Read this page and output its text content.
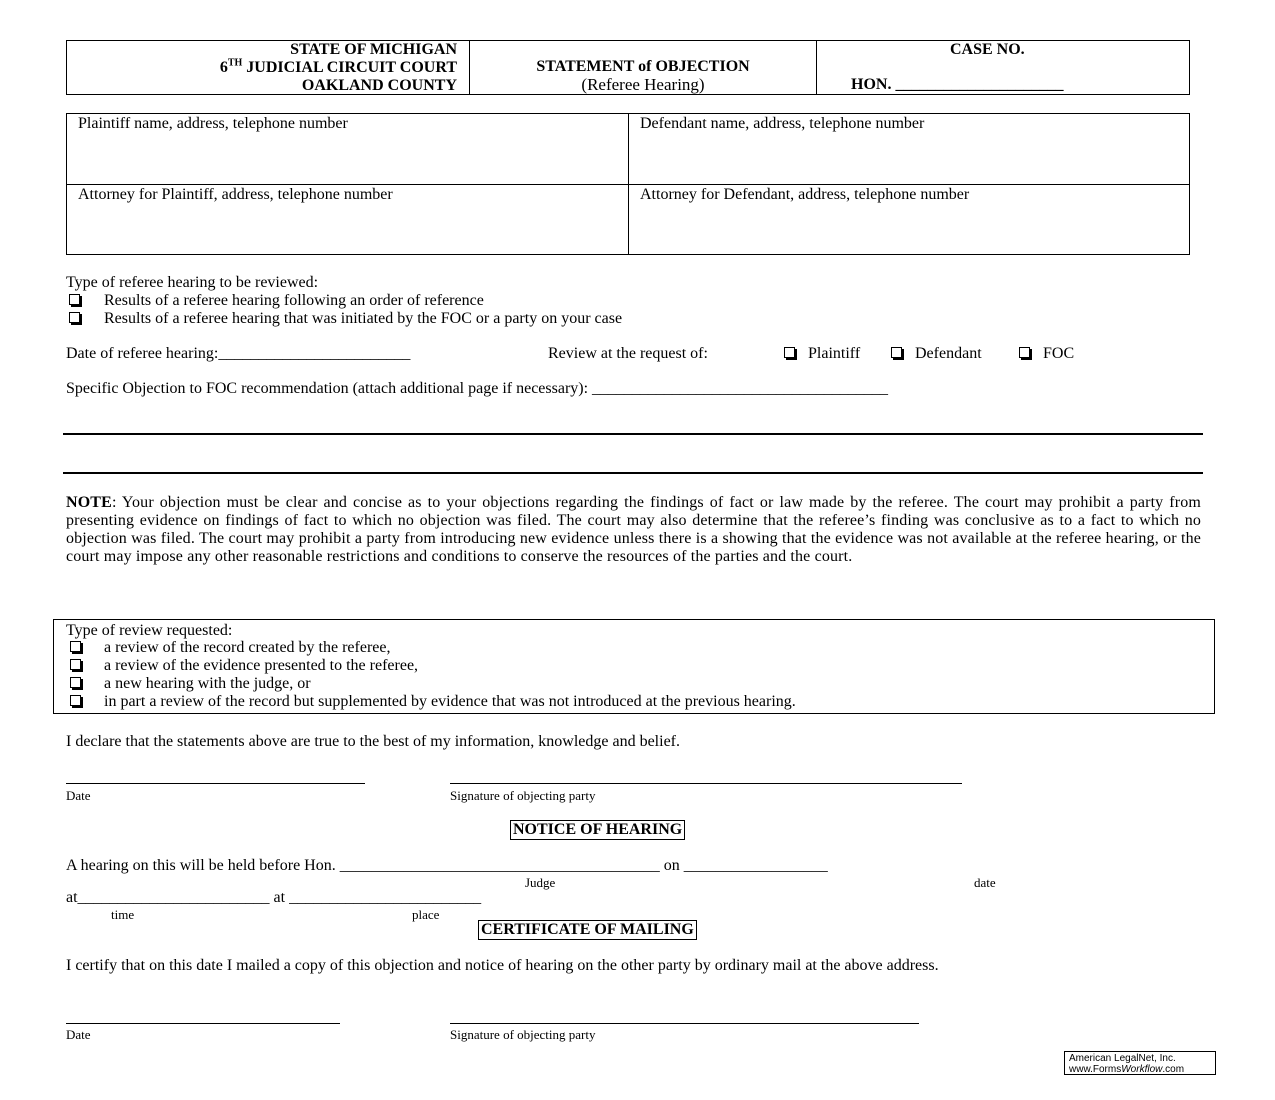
STATE OF MICHIGAN
6TH JUDICIAL CIRCUIT COURT
OAKLAND COUNTY
STATEMENT of OBJECTION
(Referee Hearing)
CASE NO.
HON. _____________________
Plaintiff name, address, telephone number	Defendant name, address, telephone number
Attorney for Plaintiff, address, telephone number	Attorney for Defendant, address, telephone number
Type of referee hearing to be reviewed:
Results of a referee hearing following an order of reference
Results of a referee hearing that was initiated by the FOC or a party on your case
Date of referee hearing:________________________	Review at the request of:	Plaintiff	Defendant	FOC
Specific Objection to FOC recommendation (attach additional page if necessary): _____________________________________
NOTE: Your objection must be clear and concise as to your objections regarding the findings of fact or law made by the referee. The court may prohibit a party from presenting evidence on findings of fact to which no objection was filed. The court may also determine that the referee’s finding was conclusive as to a fact to which no objection was filed. The court may prohibit a party from introducing new evidence unless there is a showing that the evidence was not available at the referee hearing, or the court may impose any other reasonable restrictions and conditions to conserve the resources of the parties and the court.
Type of review requested:
a review of the record created by the referee,
a review of the evidence presented to the referee,
a new hearing with the judge, or
in part a review of the record but supplemented by evidence that was not introduced at the previous hearing.
I declare that the statements above are true to the best of my information, knowledge and belief.
Date	Signature of objecting party
NOTICE OF HEARING
A hearing on this will be held before Hon. ________________________________________ on __________________
Judge	date
at________________________ at ________________________
time	place
CERTIFICATE OF MAILING
I certify that on this date I mailed a copy of this objection and notice of hearing on the other party by ordinary mail at the above address.
Date	Signature of objecting party
American LegalNet, Inc.
www.FormsWorkflow.com
